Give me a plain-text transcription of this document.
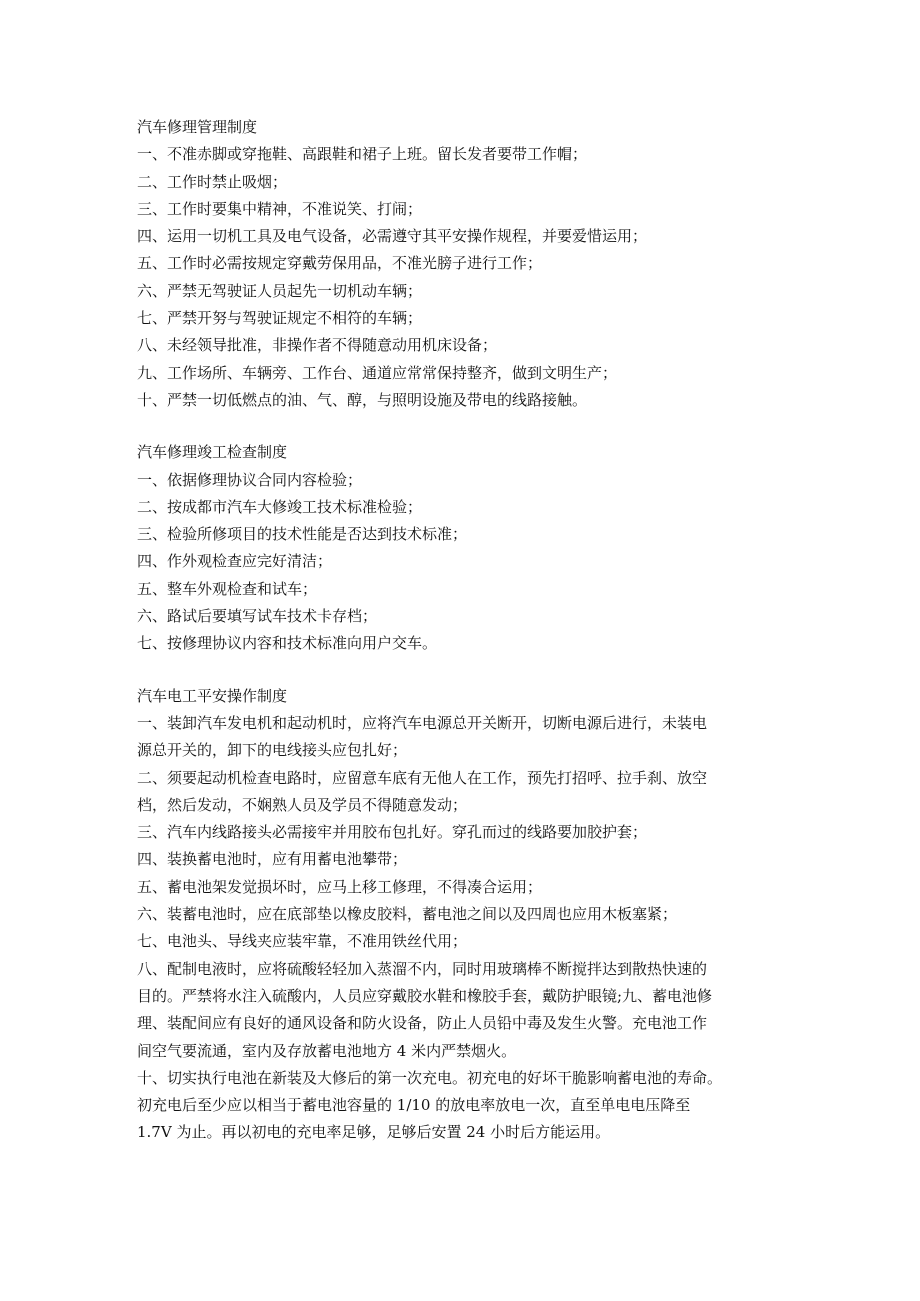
汽车修理管理制度
一、不准赤脚或穿拖鞋、高跟鞋和裙子上班。留长发者要带工作帽；
二、工作时禁止吸烟；
三、工作时要集中精神，不准说笑、打闹；
四、运用一切机工具及电气设备，必需遵守其平安操作规程，并要爱惜运用；
五、工作时必需按规定穿戴劳保用品，不准光膀子进行工作；
六、严禁无驾驶证人员起先一切机动车辆；
七、严禁开努与驾驶证规定不相符的车辆；
八、未经领导批准，非操作者不得随意动用机床设备；
九、工作场所、车辆旁、工作台、通道应常常保持整齐，做到文明生产；
十、严禁一切低燃点的油、气、醇，与照明设施及带电的线路接触。
汽车修理竣工检查制度
一、依据修理协议合同内容检验；
二、按成都市汽车大修竣工技术标准检验；
三、检验所修项目的技术性能是否达到技术标准；
四、作外观检查应完好清洁；
五、整车外观检查和试车；
六、路试后要填写试车技术卡存档；
七、按修理协议内容和技术标准向用户交车。
汽车电工平安操作制度
一、装卸汽车发电机和起动机时，应将汽车电源总开关断开，切断电源后进行，未装电
源总开关的，卸下的电线接头应包扎好；
二、须要起动机检查电路时，应留意车底有无他人在工作，预先打招呼、拉手刹、放空
档，然后发动，不娴熟人员及学员不得随意发动；
三、汽车内线路接头必需接牢并用胶布包扎好。穿孔而过的线路要加胶护套；
四、装换蓄电池时，应有用蓄电池攀带；
五、蓄电池架发觉损坏时，应马上移工修理，不得凑合运用；
六、装蓄电池时，应在底部垫以橡皮胶料，蓄电池之间以及四周也应用木板塞紧；
七、电池头、导线夹应装牢靠，不准用铁丝代用；
八、配制电液时，应将硫酸轻轻加入蒸溜不内，同时用玻璃棒不断搅拌达到散热快速的
目的。严禁将水注入硫酸内，人员应穿戴胶水鞋和橡胶手套，戴防护眼镜;九、蓄电池修
理、装配间应有良好的通风设备和防火设备，防止人员铅中毒及发生火警。充电池工作
间空气要流通，室内及存放蓄电池地方 4 米内严禁烟火。
十、切实执行电池在新装及大修后的第一次充电。初充电的好坏干脆影响蓄电池的寿命。
初充电后至少应以相当于蓄电池容量的 1/10 的放电率放电一次，直至单电电压降至
1.7V 为止。再以初电的充电率足够，足够后安置 24 小时后方能运用。
